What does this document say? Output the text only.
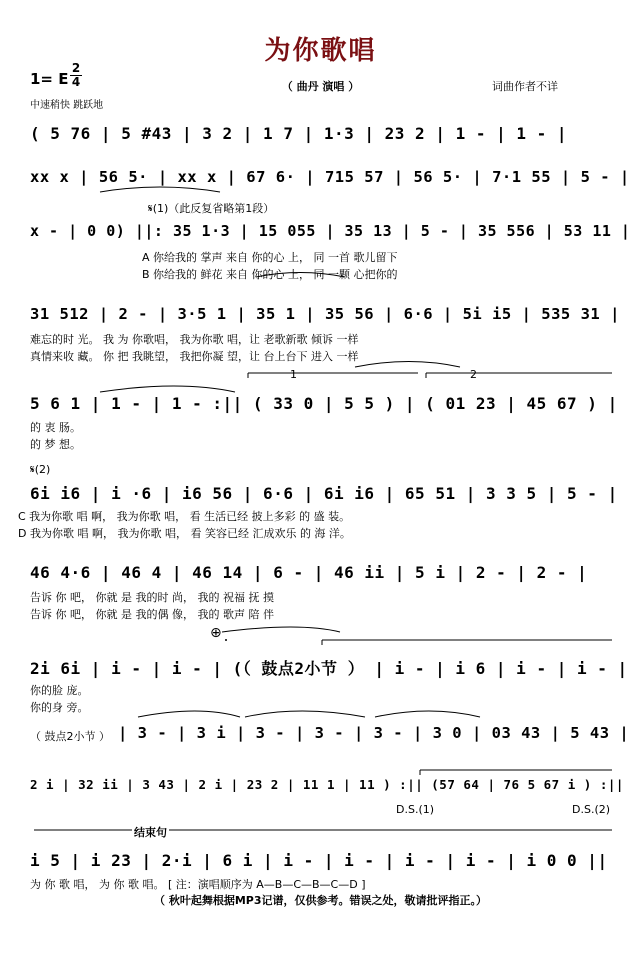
为你歌唱
1= E
2
4
中速稍快 跳跃地
（ 曲丹 演唱 ）	词曲作者不详
( 5 76 | 5 #43 | 3 2 | 1 7 | 1·3 | 23 2 | 1 - | 1 - |
xx x | 56 5· | xx x | 67 6· | 715 57 | 56 5· | 7·1 55 | 5 - |
𝄋(1)（此反复省略第1段）
x - | 0 0) ||: 35 1·3 | 15 055 | 35 13 | 5 - | 35 556 | 53 11 |
A 你给我的 掌声 来自 你的心 上， 同 一首 歌儿留下
B 你给我的 鲜花 来自 你的心 上， 同 一颗 心把你的
31 512 | 2 - | 3·5 1 | 35 1 | 35 56 | 6·6 | 5i i5 | 535 31 |
难忘的时 光。 我 为 你歌唱， 我为你歌 唱，让 老歌新歌 倾诉 一样
真情来收 藏。 你 把 我眺望， 我把你凝 望，让 台上台下 进入 一样
1	2
5 6 1 | 1 - | 1 - :|| ( 33 0 | 5 5 ) | ( 01 23 | 45 67 ) |
的 衷 肠。
的 梦 想。
𝄋(2)
6i i6 | i ·6 | i6 56 | 6·6 | 6i i6 | 65 51 | 3 3 5 | 5 - |
C 我为你歌 唱 啊， 我为你歌 唱， 看 生活已经 披上多彩 的 盛 装。
D 我为你歌 唱 啊， 我为你歌 唱， 看 笑容已经 汇成欢乐 的 海 洋。
46 4·6 | 46 4 | 46 14 | 6 - | 46 ii | 5 i | 2 - | 2 - |
告诉 你 吧， 你就 是 我的时 尚， 我的 祝福 抚 摸
告诉 你 吧， 你就 是 我的偶 像， 我的 歌声 陪 伴
⊕
2i 6i | i - | i - | (（ 鼓点2小节 ） | i - | i 6 | i - | i - |
你的脸 庞。
你的身 旁。
（ 鼓点2小节 ） | 3 - | 3 i | 3 - | 3 - | 3 - | 3 0 | 03 43 | 5 43 |
2 i | 32 ii | 3 43 | 2 i | 23 2 | 11 1 | 11 ) :|| (57 64 | 76 5 67 i ) :||
D.S.(1)	D.S.(2)
结束句
i 5 | i 23 | 2·i | 6 i | i - | i - | i - | i - | i 0 0 ||
为 你 歌 唱， 为 你 歌 唱。 [ 注：演唱顺序为 A—B—C—B—C—D ]
（ 秋叶起舞根据MP3记谱，仅供参考。错误之处，敬请批评指正。）
